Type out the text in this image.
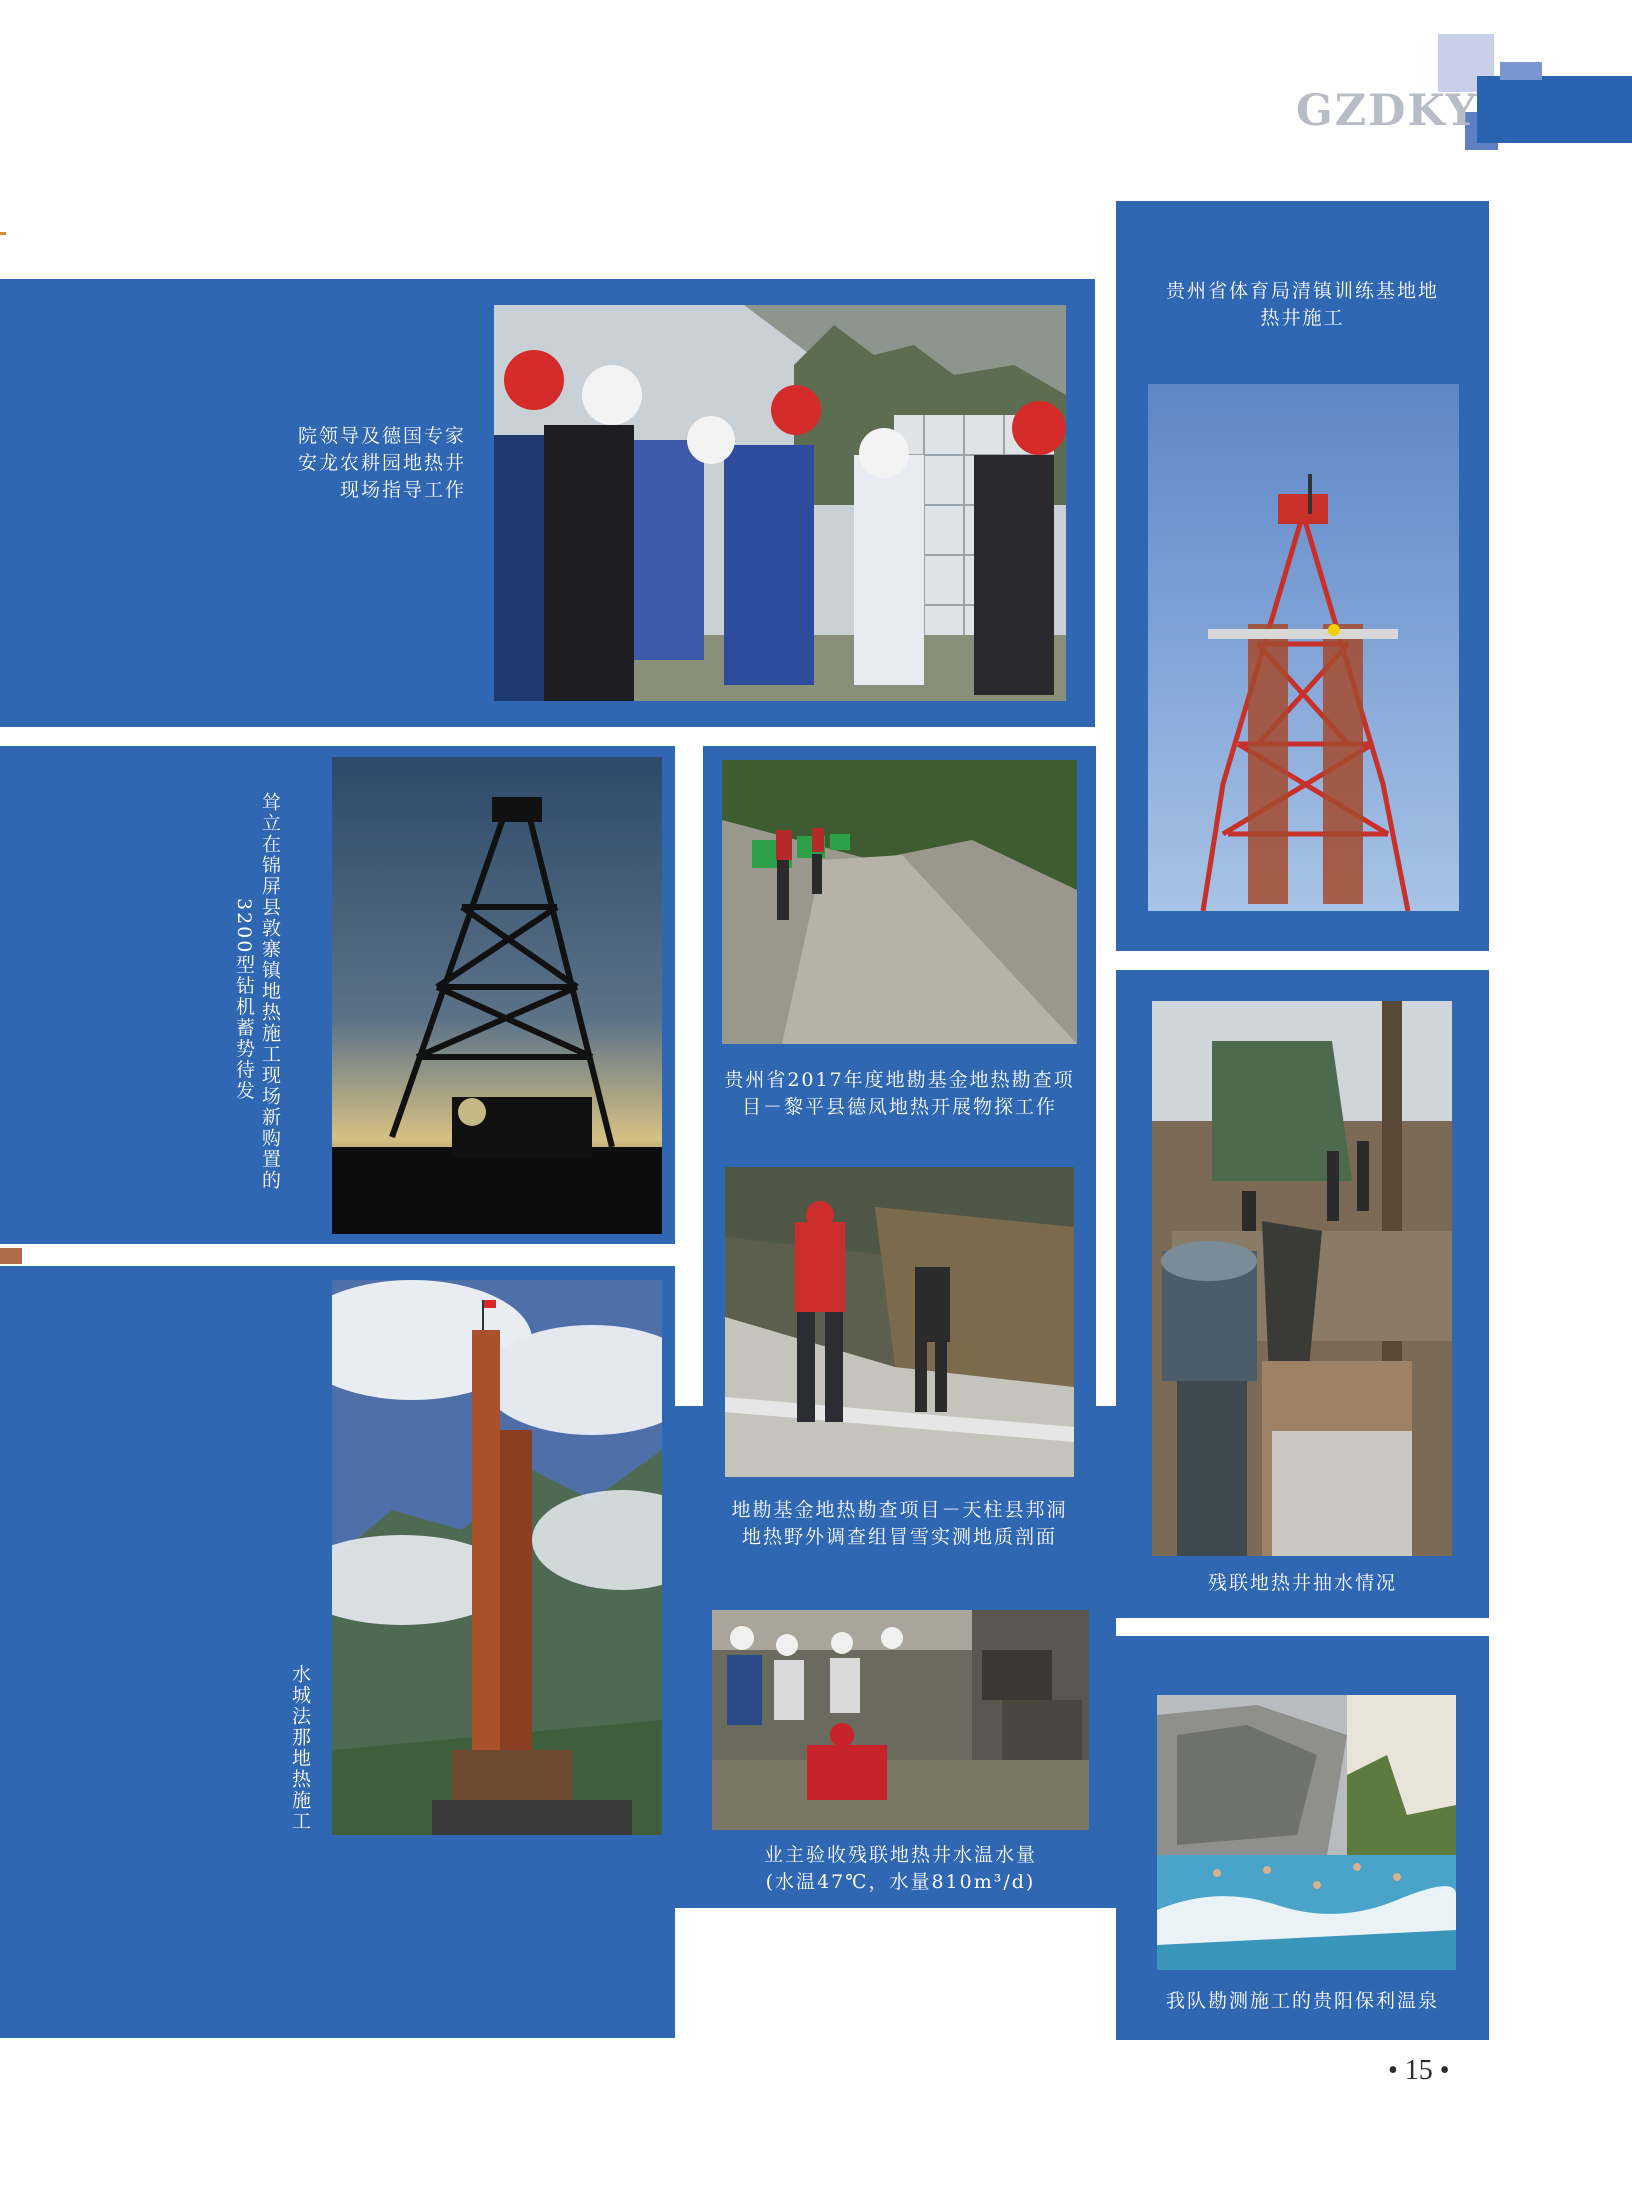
GZDKY
院领导及德国专家
安龙农耕园地热井
现场指导工作
贵州省体育局清镇训练基地地
热井施工
耸立在锦屏县敦寨镇地热施工现场新购置的
3200型钻机蓄势待发	贵州省2017年度地勘基金地热勘查项
目－黎平县德凤地热开展物探工作
地勘基金地热勘查项目－天柱县邦洞
地热野外调查组冒雪实测地质剖面
残联地热井抽水情况
水城法那地热施工
业主验收残联地热井水温水量
(水温47℃，水量810m³/d)
我队勘测施工的贵阳保利温泉
• 15 •
